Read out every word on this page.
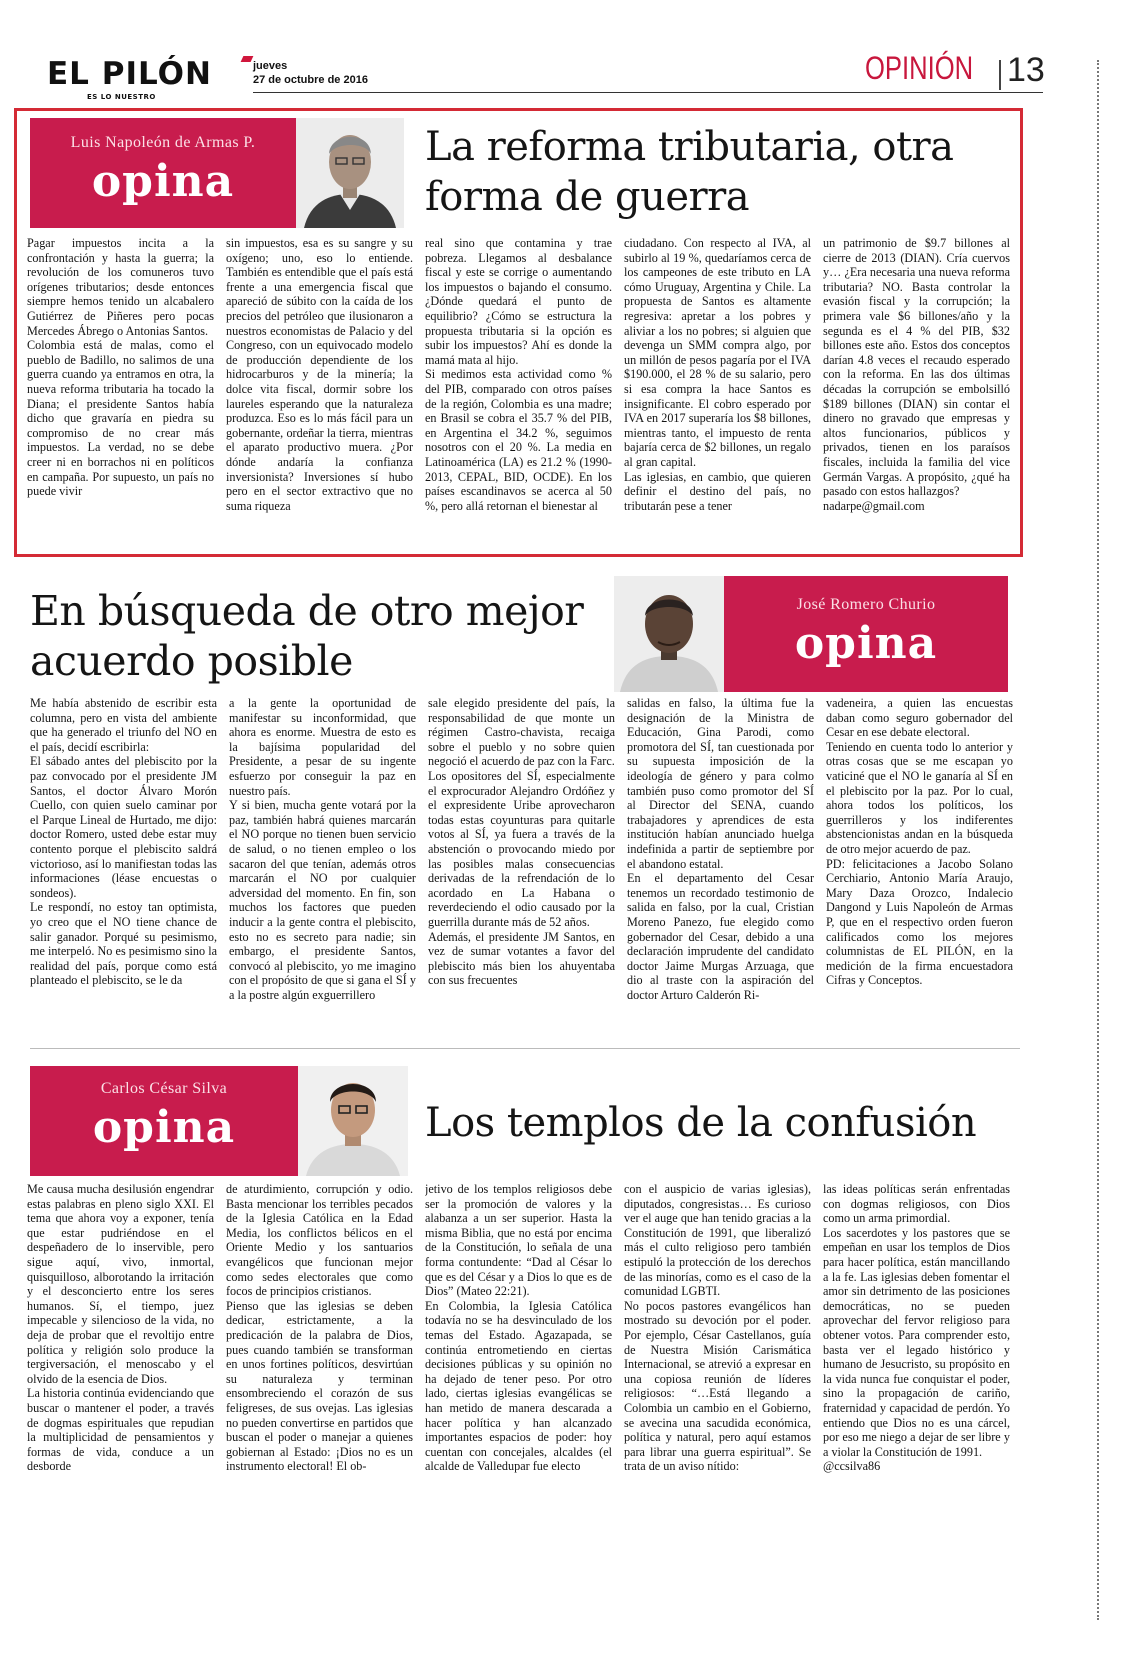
EL PILÓN
ES LO NUESTRO
jueves
27 de octubre de 2016	OPINIÓN 13
Luis Napoleón de Armas P.
opina
La reforma tributaria, otra forma de guerra
Pagar impuestos incita a la confrontación y hasta la guerra; la revolución de los comuneros tuvo orígenes tributarios; desde entonces siempre hemos tenido un alcabalero Gutiérrez de Piñeres pero pocas Mercedes Ábrego o Antonias Santos.
Colombia está de malas, como el pueblo de Badillo, no salimos de una guerra cuando ya entramos en otra, la nueva reforma tributaria ha tocado la Diana; el presidente Santos había dicho que gravaría en piedra su compromiso de no crear más impuestos. La verdad, no se debe creer ni en borrachos ni en políticos en campaña. Por supuesto, un país no puede vivir
sin impuestos, esa es su sangre y su oxígeno; uno, eso lo entiende. También es entendible que el país está frente a una emergencia fiscal que apareció de súbito con la caída de los precios del petróleo que ilusionaron a nuestros economistas de Palacio y del Congreso, con un equivocado modelo de producción dependiente de los hidrocarburos y de la minería; la dolce vita fiscal, dormir sobre los laureles esperando que la naturaleza produzca. Eso es lo más fácil para un gobernante, ordeñar la tierra, mientras el aparato productivo muera. ¿Por dónde andaría la confianza inversionista? Inversiones sí hubo pero en el sector extractivo que no suma riqueza
real sino que contamina y trae pobreza. Llegamos al desbalance fiscal y este se corrige o aumentando los impuestos o bajando el consumo. ¿Dónde quedará el punto de equilibrio? ¿Cómo se estructura la propuesta tributaria si la opción es subir los impuestos? Ahí es donde la mamá mata al hijo.
Si medimos esta actividad como % del PIB, comparado con otros países de la región, Colombia es una madre; en Brasil se cobra el 35.7 % del PIB, en Argentina el 34.2 %, seguimos nosotros con el 20 %. La media en Latinoamérica (LA) es 21.2 % (1990-2013, CEPAL, BID, OCDE). En los países escandinavos se acerca al 50 %, pero allá retornan el bienestar al
ciudadano. Con respecto al IVA, al subirlo al 19 %, quedaríamos cerca de los campeones de este tributo en LA cómo Uruguay, Argentina y Chile. La propuesta de Santos es altamente regresiva: apretar a los pobres y aliviar a los no pobres; si alguien que devenga un SMM compra algo, por un millón de pesos pagaría por el IVA $190.000, el 28 % de su salario, pero si esa compra la hace Santos es insignificante. El cobro esperado por IVA en 2017 superaría los $8 billones, mientras tanto, el impuesto de renta bajaría cerca de $2 billones, un regalo al gran capital.
Las iglesias, en cambio, que quieren definir el destino del país, no tributarán pese a tener
un patrimonio de $9.7 billones al cierre de 2013 (DIAN). Cría cuervos y… ¿Era necesaria una nueva reforma tributaria? NO. Basta controlar la evasión fiscal y la corrupción; la primera vale $6 billones/año y la segunda es el 4 % del PIB, $32 billones este año. Estos dos conceptos darían 4.8 veces el recaudo esperado con la reforma. En las dos últimas décadas la corrupción se embolsilló $189 billones (DIAN) sin contar el dinero no gravado que empresas y altos funcionarios, públicos y privados, tienen en los paraísos fiscales, incluida la familia del vice Germán Vargas. A propósito, ¿qué ha pasado con estos hallazgos?
nadarpe@gmail.com
En búsqueda de otro mejor acuerdo posible
José Romero Churio
opina
Me había abstenido de escribir esta columna, pero en vista del ambiente que ha generado el triunfo del NO en el país, decidí escribirla:
El sábado antes del plebiscito por la paz convocado por el presidente JM Santos, el doctor Álvaro Morón Cuello, con quien suelo caminar por el Parque Lineal de Hurtado, me dijo: doctor Romero, usted debe estar muy contento porque el plebiscito saldrá victorioso, así lo manifiestan todas las informaciones (léase encuestas o sondeos).
Le respondí, no estoy tan optimista, yo creo que el NO tiene chance de salir ganador. Porqué su pesimismo, me interpeló. No es pesimismo sino la realidad del país, porque como está planteado el plebiscito, se le da
a la gente la oportunidad de manifestar su inconformidad, que ahora es enorme. Muestra de esto es la bajísima popularidad del Presidente, a pesar de su ingente esfuerzo por conseguir la paz en nuestro país.
Y si bien, mucha gente votará por la paz, también habrá quienes marcarán el NO porque no tienen buen servicio de salud, o no tienen empleo o los sacaron del que tenían, además otros marcarán el NO por cualquier adversidad del momento. En fin, son muchos los factores que pueden inducir a la gente contra el plebiscito, esto no es secreto para nadie; sin embargo, el presidente Santos, convocó al plebiscito, yo me imagino con el propósito de que si gana el SÍ y a la postre algún exguerrillero
sale elegido presidente del país, la responsabilidad de que monte un régimen Castro-chavista, recaiga sobre el pueblo y no sobre quien negoció el acuerdo de paz con la Farc.
Los opositores del SÍ, especialmente el exprocurador Alejandro Ordóñez y el expresidente Uribe aprovecharon todas estas coyunturas para quitarle votos al SÍ, ya fuera a través de la abstención o provocando miedo por las posibles malas consecuencias derivadas de la refrendación de lo acordado en La Habana o reverdeciendo el odio causado por la guerrilla durante más de 52 años.
Además, el presidente JM Santos, en vez de sumar votantes a favor del plebiscito más bien los ahuyentaba con sus frecuentes
salidas en falso, la última fue la designación de la Ministra de Educación, Gina Parodi, como promotora del SÍ, tan cuestionada por su supuesta imposición de la ideología de género y para colmo también puso como promotor del SÍ al Director del SENA, cuando trabajadores y aprendices de esta institución habían anunciado huelga indefinida a partir de septiembre por el abandono estatal.
En el departamento del Cesar tenemos un recordado testimonio de salida en falso, por la cual, Cristian Moreno Panezo, fue elegido como gobernador del Cesar, debido a una declaración imprudente del candidato doctor Jaime Murgas Arzuaga, que dio al traste con la aspiración del doctor Arturo Calderón Ri-
vadeneira, a quien las encuestas daban como seguro gobernador del Cesar en ese debate electoral.
Teniendo en cuenta todo lo anterior y otras cosas que se me escapan yo vaticiné que el NO le ganaría al SÍ en el plebiscito por la paz. Por lo cual, ahora todos los políticos, los guerrilleros y los indiferentes abstencionistas andan en la búsqueda de otro mejor acuerdo de paz.
PD: felicitaciones a Jacobo Solano Cerchiario, Antonio María Araujo, Mary Daza Orozco, Indalecio Dangond y Luis Napoleón de Armas P, que en el respectivo orden fueron calificados como los mejores columnistas de EL PILÓN, en la medición de la firma encuestadora Cifras y Conceptos.
Carlos César Silva
opina	Los templos de la confusión
Me causa mucha desilusión engendrar estas palabras en pleno siglo XXI. El tema que ahora voy a exponer, tenía que estar pudriéndose en el despeñadero de lo inservible, pero sigue aquí, vivo, inmortal, quisquilloso, alborotando la irritación y el desconcierto entre los seres humanos. Sí, el tiempo, juez impecable y silencioso de la vida, no deja de probar que el revoltijo entre política y religión solo produce la tergiversación, el menoscabo y el olvido de la esencia de Dios.
La historia continúa evidenciando que buscar o mantener el poder, a través de dogmas espirituales que repudian la multiplicidad de pensamientos y formas de vida, conduce a un desborde
de aturdimiento, corrupción y odio. Basta mencionar los terribles pecados de la Iglesia Católica en la Edad Media, los conflictos bélicos en el Oriente Medio y los santuarios evangélicos que funcionan mejor como sedes electorales que como focos de principios cristianos.
Pienso que las iglesias se deben dedicar, estrictamente, a la predicación de la palabra de Dios, pues cuando también se transforman en unos fortines políticos, desvirtúan su naturaleza y terminan ensombreciendo el corazón de sus feligreses, de sus ovejas. Las iglesias no pueden convertirse en partidos que buscan el poder o manejar a quienes gobiernan al Estado: ¡Dios no es un instrumento electoral! El ob-
jetivo de los templos religiosos debe ser la promoción de valores y la alabanza a un ser superior. Hasta la misma Biblia, que no está por encima de la Constitución, lo señala de una forma contundente: “Dad al César lo que es del César y a Dios lo que es de Dios” (Mateo 22:21).
En Colombia, la Iglesia Católica todavía no se ha desvinculado de los temas del Estado. Agazapada, se continúa entrometiendo en ciertas decisiones públicas y su opinión no ha dejado de tener peso. Por otro lado, ciertas iglesias evangélicas se han metido de manera descarada a hacer política y han alcanzado importantes espacios de poder: hoy cuentan con concejales, alcaldes (el alcalde de Valledupar fue electo
con el auspicio de varias iglesias), diputados, congresistas… Es curioso ver el auge que han tenido gracias a la Constitución de 1991, que liberalizó más el culto religioso pero también estipuló la protección de los derechos de las minorías, como es el caso de la comunidad LGBTI.
No pocos pastores evangélicos han mostrado su devoción por el poder. Por ejemplo, César Castellanos, guía de Nuestra Misión Carismática Internacional, se atrevió a expresar en una copiosa reunión de líderes religiosos: “…Está llegando a Colombia un cambio en el Gobierno, se avecina una sacudida económica, política y natural, pero aquí estamos para librar una guerra espiritual”. Se trata de un aviso nítido:
las ideas políticas serán enfrentadas con dogmas religiosos, con Dios como un arma primordial.
Los sacerdotes y los pastores que se empeñan en usar los templos de Dios para hacer política, están mancillando a la fe. Las iglesias deben fomentar el amor sin detrimento de las posiciones democráticas, no se pueden aprovechar del fervor religioso para obtener votos. Para comprender esto, basta ver el legado histórico y humano de Jesucristo, su propósito en la vida nunca fue conquistar el poder, sino la propagación de cariño, fraternidad y capacidad de perdón. Yo entiendo que Dios no es una cárcel, por eso me niego a dejar de ser libre y a violar la Constitución de 1991.
@ccsilva86
